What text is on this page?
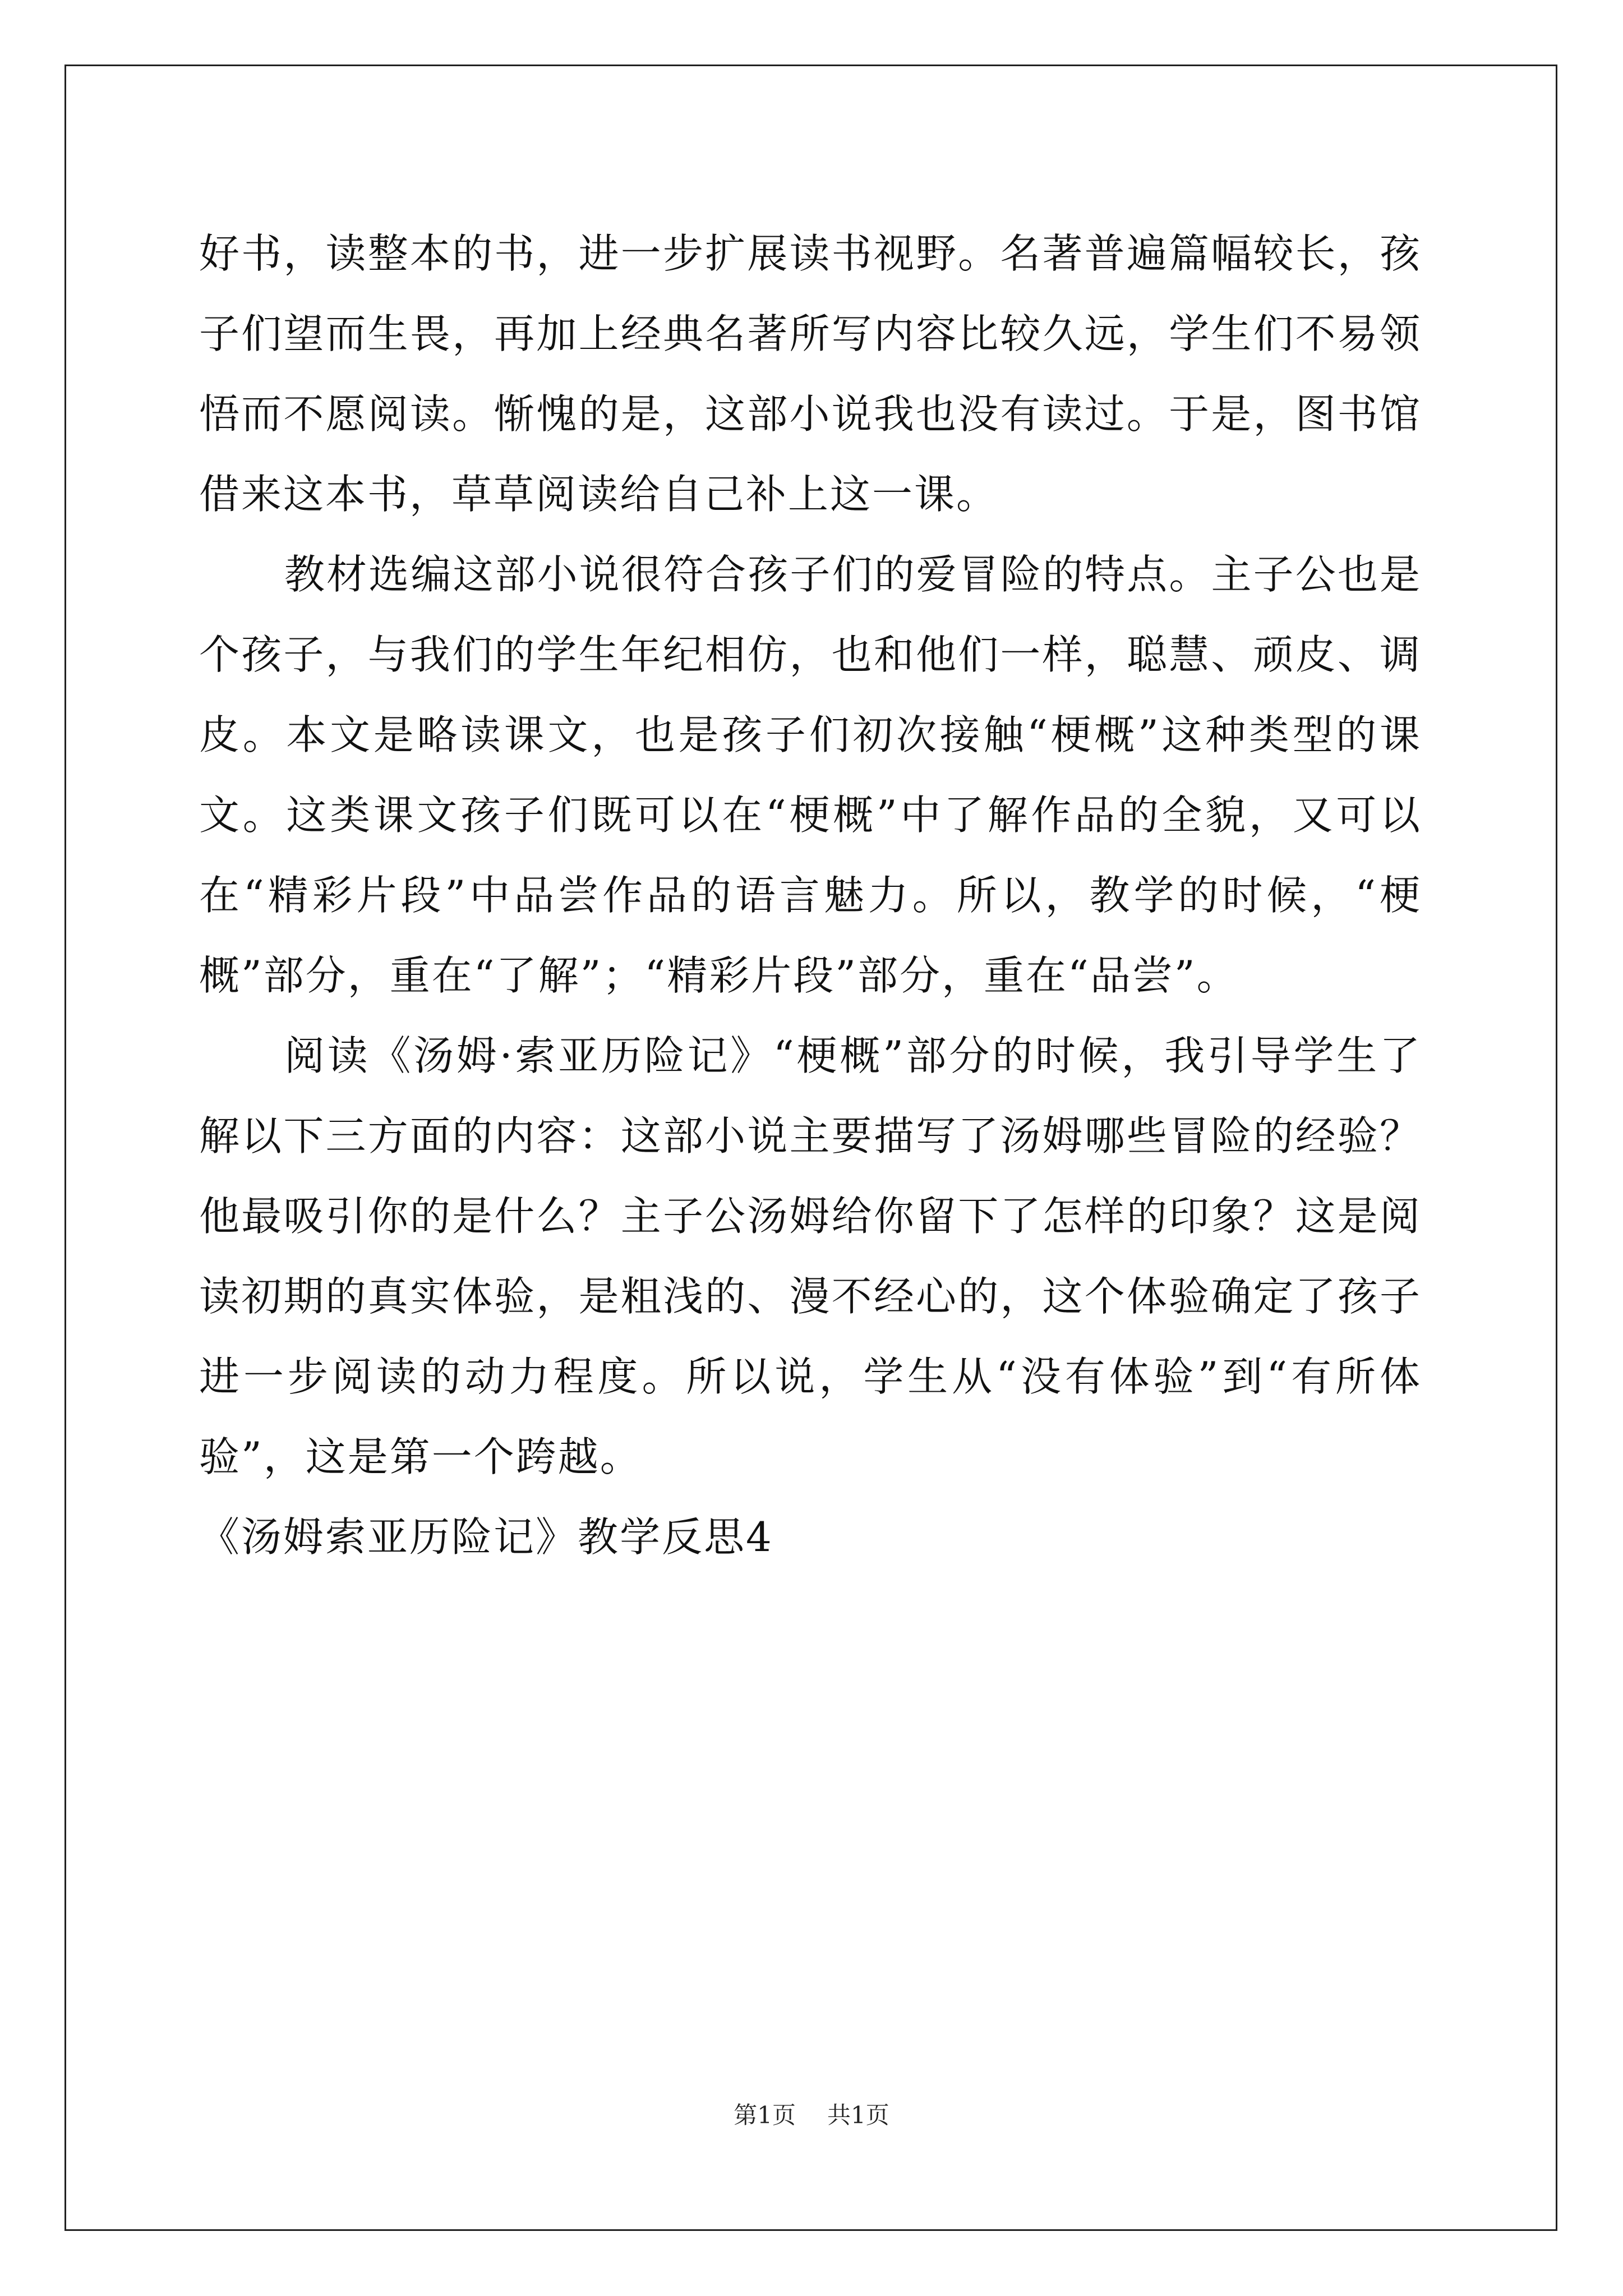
好书，读整本的书，进一步扩展读书视野。名著普遍篇幅较长，孩子们望而生畏，再加上经典名著所写内容比较久远，学生们不易领悟而不愿阅读。惭愧的是，这部小说我也没有读过。于是，图书馆借来这本书，草草阅读给自己补上这一课。

教材选编这部小说很符合孩子们的爱冒险的特点。主子公也是个孩子，与我们的学生年纪相仿，也和他们一样，聪慧、顽皮、调皮。本文是略读课文，也是孩子们初次接触“梗概”这种类型的课文。这类课文孩子们既可以在“梗概”中了解作品的全貌，又可以在“精彩片段”中品尝作品的语言魅力。所以，教学的时候，“梗概”部分，重在“了解”；“精彩片段”部分，重在“品尝”。

阅读《汤姆·索亚历险记》“梗概”部分的时候，我引导学生了解以下三方面的内容：这部小说主要描写了汤姆哪些冒险的经验？他最吸引你的是什么？主子公汤姆给你留下了怎样的印象？这是阅读初期的真实体验，是粗浅的、漫不经心的，这个体验确定了孩子进一步阅读的动力程度。所以说，学生从“没有体验”到“有所体验”，这是第一个跨越。

《汤姆索亚历险记》教学反思4

第1页 共1页
